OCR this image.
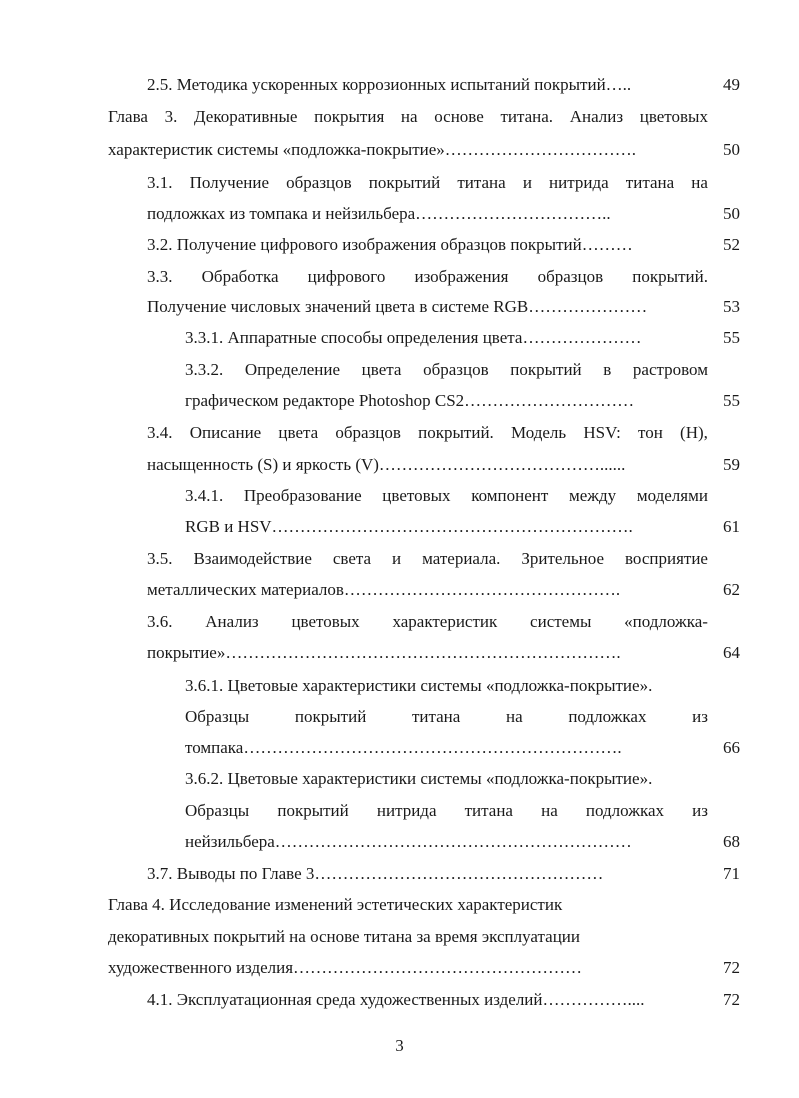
2.5. Методика ускоренных коррозионных испытаний покрытий…..	49
Глава 3. Декоративные покрытия на основе титана. Анализ цветовых
характеристик системы «подложка-покрытие»…………………………….	50
3.1. Получение образцов покрытий титана и нитрида титана на
подложках из томпака и нейзильбера……………………………..	50
3.2. Получение цифрового изображения образцов покрытий………	52
3.3. Обработка цифрового изображения образцов покрытий.
Получение числовых значений цвета в системе RGB…………………	53
3.3.1. Аппаратные способы определения цвета…………………	55
3.3.2. Определение цвета образцов покрытий в растровом
графическом редакторе Photoshop CS2…………………………	55
3.4. Описание цвета образцов покрытий. Модель HSV: тон (H),
насыщенность (S) и яркость (V)…………………………………......	59
3.4.1. Преобразование цветовых компонент между моделями
RGB и HSV……………………………………………………….	61
3.5. Взаимодействие света и материала. Зрительное восприятие
металлических материалов………………………………………….	62
3.6. Анализ цветовых характеристик системы «подложка-
покрытие»…………………………………………………………….	64
3.6.1. Цветовые характеристики системы «подложка-покрытие».
Образцы	покрытий	титана	на	подложках	из
томпака………………………………………………………….	66
3.6.2. Цветовые характеристики системы «подложка-покрытие».
Образцы покрытий нитрида титана на подложках из
нейзильбера………………………………………………………	68
3.7. Выводы по Главе 3……………………………………………	71
Глава 4. Исследование изменений эстетических характеристик
декоративных покрытий на основе титана за время эксплуатации
художественного изделия……………………………………………	72
4.1. Эксплуатационная среда художественных изделий……………....	72
3
